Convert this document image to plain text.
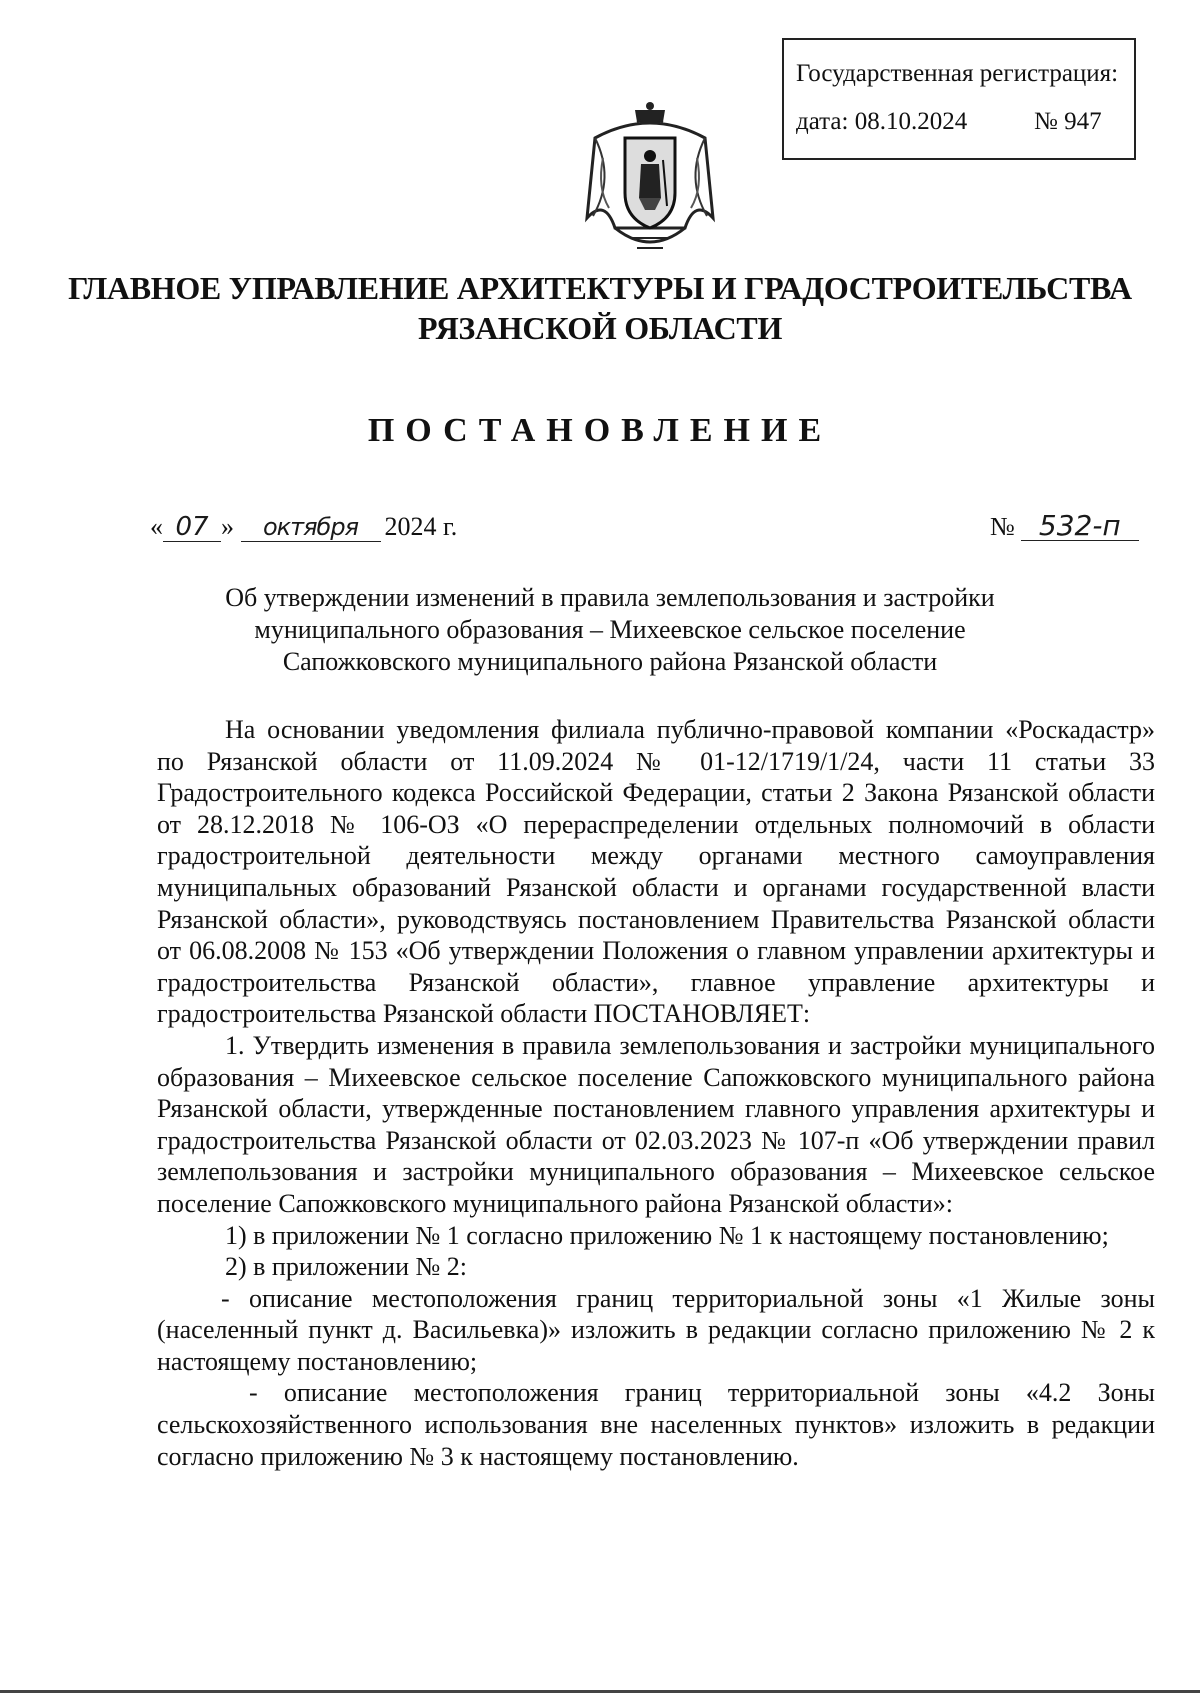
Государственная регистрация:
дата: 08.10.2024	№ 947
ГЛАВНОЕ УПРАВЛЕНИЕ АРХИТЕКТУРЫ И ГРАДОСТРОИТЕЛЬСТВА
РЯЗАНСКОЙ ОБЛАСТИ
ПОСТАНОВЛЕНИЕ
« 07 » октября 2024 г.	№ 532-п
Об утверждении изменений в правила землепользования и застройки
муниципального образования – Михеевское сельское поселение
Сапожковского муниципального района Рязанской области

На основании уведомления филиала публично-правовой компании «Роскадастр» по Рязанской области от 11.09.2024 № 01-12/1719/1/24, части 11 статьи 33 Градостроительного кодекса Российской Федерации, статьи 2 Закона Рязанской области от 28.12.2018 № 106-ОЗ «О перераспределении отдельных полномочий в области градостроительной деятельности между органами местного самоуправления муниципальных образований Рязанской области и органами государственной власти Рязанской области», руководствуясь постановлением Правительства Рязанской области от 06.08.2008 № 153 «Об утверждении Положения о главном управлении архитектуры и градостроительства Рязанской области», главное управление архитектуры и градостроительства Рязанской области ПОСТАНОВЛЯЕТ:

1. Утвердить изменения в правила землепользования и застройки муниципального образования – Михеевское сельское поселение Сапожковского муниципального района Рязанской области, утвержденные постановлением главного управления архитектуры и градостроительства Рязанской области от 02.03.2023 № 107-п «Об утверждении правил землепользования и застройки муниципального образования – Михеевское сельское поселение Сапожковского муниципального района Рязанской области»:

1) в приложении № 1 согласно приложению № 1 к настоящему постановлению;

2) в приложении № 2:

- описание местоположения границ территориальной зоны «1 Жилые зоны (населенный пункт д. Васильевка)» изложить в редакции согласно приложению № 2 к настоящему постановлению;

- описание местоположения границ территориальной зоны «4.2 Зоны сельскохозяйственного использования вне населенных пунктов» изложить в редакции согласно приложению № 3 к настоящему постановлению.
